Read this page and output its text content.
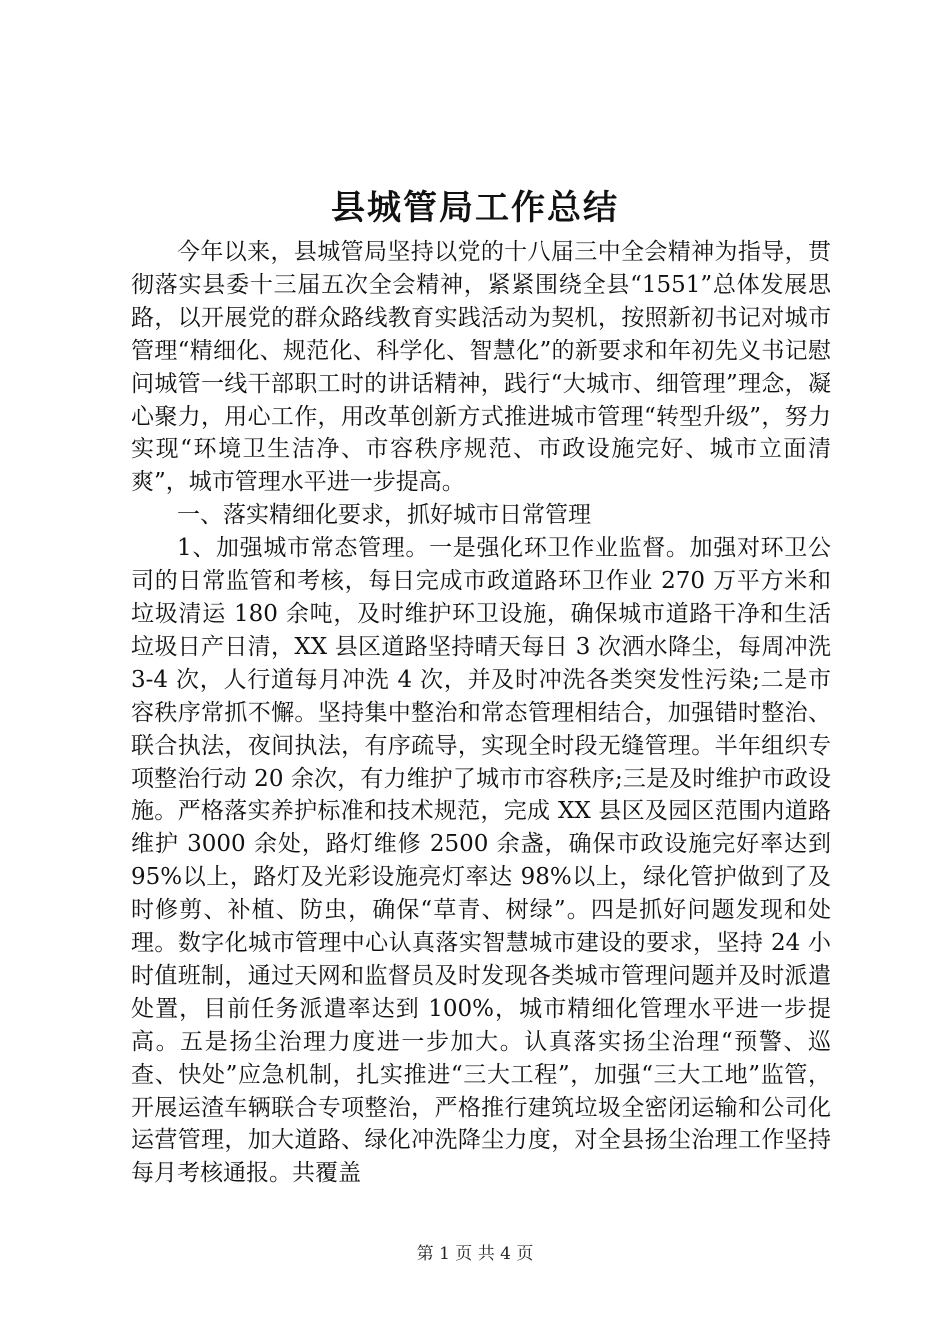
县城管局工作总结

今年以来，县城管局坚持以党的十八届三中全会精神为指导，贯彻落实县委十三届五次全会精神，紧紧围绕全县“1551”总体发展思路，以开展党的群众路线教育实践活动为契机，按照新初书记对城市管理“精细化、规范化、科学化、智慧化”的新要求和年初先义书记慰问城管一线干部职工时的讲话精神，践行“大城市、细管理”理念，凝心聚力，用心工作，用改革创新方式推进城市管理“转型升级”，努力实现“环境卫生洁净、市容秩序规范、市政设施完好、城市立面清爽”，城市管理水平进一步提高。

一、落实精细化要求，抓好城市日常管理

1、加强城市常态管理。一是强化环卫作业监督。加强对环卫公司的日常监管和考核，每日完成市政道路环卫作业 270 万平方米和垃圾清运 180 余吨，及时维护环卫设施，确保城市道路干净和生活垃圾日产日清，XX 县区道路坚持晴天每日 3 次洒水降尘，每周冲洗 3-4 次，人行道每月冲洗 4 次，并及时冲洗各类突发性污染;二是市容秩序常抓不懈。坚持集中整治和常态管理相结合，加强错时整治、联合执法，夜间执法，有序疏导，实现全时段无缝管理。半年组织专项整治行动 20 余次，有力维护了城市市容秩序;三是及时维护市政设施。严格落实养护标准和技术规范，完成 XX 县区及园区范围内道路维护 3000 余处，路灯维修 2500 余盏，确保市政设施完好率达到 95%以上，路灯及光彩设施亮灯率达 98%以上，绿化管护做到了及时修剪、补植、防虫，确保“草青、树绿”。四是抓好问题发现和处理。数字化城市管理中心认真落实智慧城市建设的要求，坚持 24 小时值班制，通过天网和监督员及时发现各类城市管理问题并及时派遣处置，目前任务派遣率达到 100%，城市精细化管理水平进一步提高。五是扬尘治理力度进一步加大。认真落实扬尘治理“预警、巡查、快处”应急机制，扎实推进“三大工程”，加强“三大工地”监管，开展运渣车辆联合专项整治，严格推行建筑垃圾全密闭运输和公司化运营管理，加大道路、绿化冲洗降尘力度，对全县扬尘治理工作坚持每月考核通报。共覆盖

第 1 页 共 4 页
